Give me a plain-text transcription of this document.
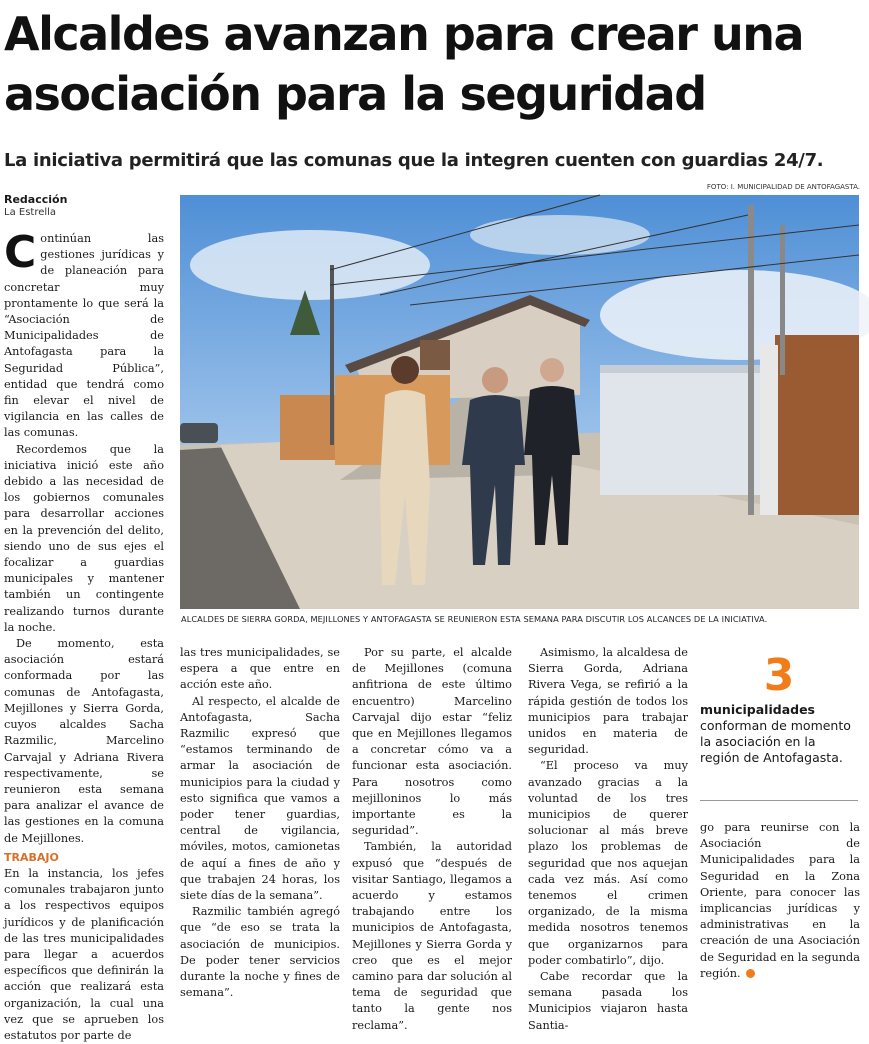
Alcaldes avanzan para crear una
asociación para la seguridad
La iniciativa permitirá que las comunas que la integren cuenten con guardias 24/7.
FOTO: I. MUNICIPALIDAD DE ANTOFAGASTA.
Redacción
La Estrella
ALCALDES DE SIERRA GORDA, MEJILLONES Y ANTOFAGASTA SE REUNIERON ESTA SEMANA PARA DISCUTIR LOS ALCANCES DE LA INICIATIVA.
C ontinúan las gestiones jurídicas y de planeación para concretar muy prontamente lo que será la “Asociación de Municipalidades de Antofagasta para la Seguridad Pública”, entidad que tendrá como fin elevar el nivel de vigilancia en las calles de las comunas.

Recordemos que la iniciativa inició este año debido a las necesidad de los gobiernos comunales para desarrollar acciones en la prevención del delito, siendo uno de sus ejes el focalizar a guardias municipales y mantener también un contingente realizando turnos durante la noche.

De momento, esta asociación estará conformada por las comunas de Antofagasta, Mejillones y Sierra Gorda, cuyos alcaldes Sacha Razmilic, Marcelino Carvajal y Adriana Rivera respectivamente, se reunieron esta semana para analizar el avance de las gestiones en la comuna de Mejillones.

TRABAJO

En la instancia, los jefes comunales trabajaron junto a los respectivos equipos jurídicos y de planificación de las tres municipalidades para llegar a acuerdos específicos que definirán la acción que realizará esta organización, la cual una vez que se aprueben los estatutos por parte de

las tres municipalidades, se espera a que entre en acción este año.

Al respecto, el alcalde de Antofagasta, Sacha Razmilic expresó que “estamos terminando de armar la asociación de municipios para la ciudad y esto significa que vamos a poder tener guardias, central de vigilancia, móviles, motos, camionetas de aquí a fines de año y que trabajen 24 horas, los siete días de la semana”.

Razmilic también agregó que “de eso se trata la asociación de municipios. De poder tener servicios durante la noche y fines de semana”.

Por su parte, el alcalde de Mejillones (comuna anfitriona de este último encuentro) Marcelino Carvajal dijo estar “feliz que en Mejillones llegamos a concretar cómo va a funcionar esta asociación. Para nosotros como mejilloninos lo más importante es la seguridad”.

También, la autoridad expusó que “después de visitar Santiago, llegamos a acuerdo y estamos trabajando entre los municipios de Antofagasta, Mejillones y Sierra Gorda y creo que es el mejor camino para dar solución al tema de seguridad que tanto la gente nos reclama”.

Asimismo, la alcaldesa de Sierra Gorda, Adriana Rivera Vega, se refirió a la rápida gestión de todos los municipios para trabajar unidos en materia de seguridad.

“El proceso va muy avanzado gracias a la voluntad de los tres municipios de querer solucionar al más breve plazo los problemas de seguridad que nos aquejan cada vez más. Así como tenemos el crimen organizado, de la misma medida nosotros tenemos que organizarnos para poder combatirlo”, dijo.

Cabe recordar que la semana pasada los Municipios viajaron hasta Santia-

3
municipalidades conforman de momento la asociación en la región de Antofagasta.

go para reunirse con la Asociación de Municipalidades para la Seguridad en la Zona Oriente, para conocer las implicancias jurídicas y administrativas en la creación de una Asociación de Seguridad en la segunda región.
